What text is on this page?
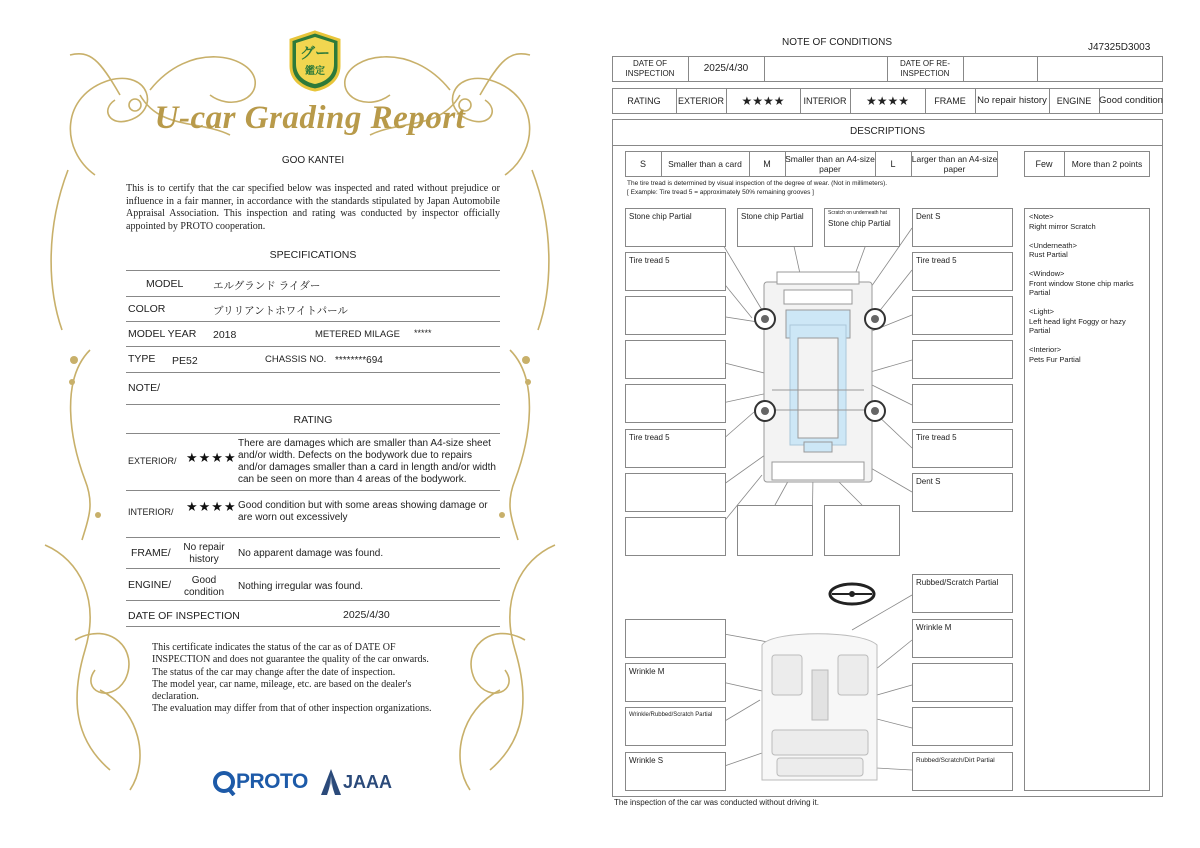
グー
鑑定
U-car Grading Report
GOO KANTEI
This is to certify that the car specified below was inspected and rated without prejudice or influence in a fair manner, in accordance with the standards stipulated by Japan Automobile Appraisal Association. This inspection and rating was conducted by inspector officially appointed by PROTO cooperation.
SPECIFICATIONS
MODEL	エルグランド ライダー
COLOR	ブリリアントホワイトパール
MODEL YEAR 2018	METERED MILAGE *****
TYPE PE52	CHASSIS NO. ********694
NOTE/
RATING
EXTERIOR/ ★★★★
There are damages which are smaller than A4-size sheet and/or width. Defects on the bodywork due to repairs and/or damages smaller than a card in length and/or width can be seen on more than 4 areas of the bodywork.
INTERIOR/ ★★★★ Good condition but with some areas showing damage or are worn out excessively
FRAME/	No repair history
No apparent damage was found.
ENGINE/	Good condition
Nothing irregular was found.
DATE OF INSPECTION	2025/4/30
This certificate indicates the status of the car as of DATE OF
INSPECTION and does not guarantee the quality of the car onwards.
The status of the car may change after the date of inspection.
The model year, car name, mileage, etc. are based on the dealer's
declaration.
The evaluation may differ from that of other inspection organizations.
PROTO JAAA
NOTE OF CONDITIONS	J47325D3003
DATE OF INSPECTION	2025/4/30	DATE OF RE-INSPECTION
RATING	EXTERIOR	★★★★	INTERIOR	★★★★	FRAME	No repair history	ENGINE Good condition
DESCRIPTIONS
S	Smaller than a card	M	Smaller than an A4-size paper	L	Larger than an A4-size paper	Few	More than 2 points
The tire tread is determined by visual inspection of the degree of wear. (Not in millimeters).
[ Example: Tire tread 5 = approximately 50% remaining grooves ]
Stone chip Partial	Stone chip Partial	Scratch on underneath hat
Stone chip Partial
Dent S
Tire tread 5	Tire tread 5
Tire tread 5	Tire tread 5
Dent S
Rubbed/Scratch Partial
Wrinkle M
Wrinkle M
Wrinkle/Rubbed/Scratch Partial
Wrinkle S	Rubbed/Scratch/Dirt Partial

<Note>

Right mirror Scratch

<Underneath>

Rust Partial

<Window>

Front window Stone chip marks Partial

<Light>

Left head light Foggy or hazy Partial

<Interior>

Pets Fur Partial

The inspection of the car was conducted without driving it.
